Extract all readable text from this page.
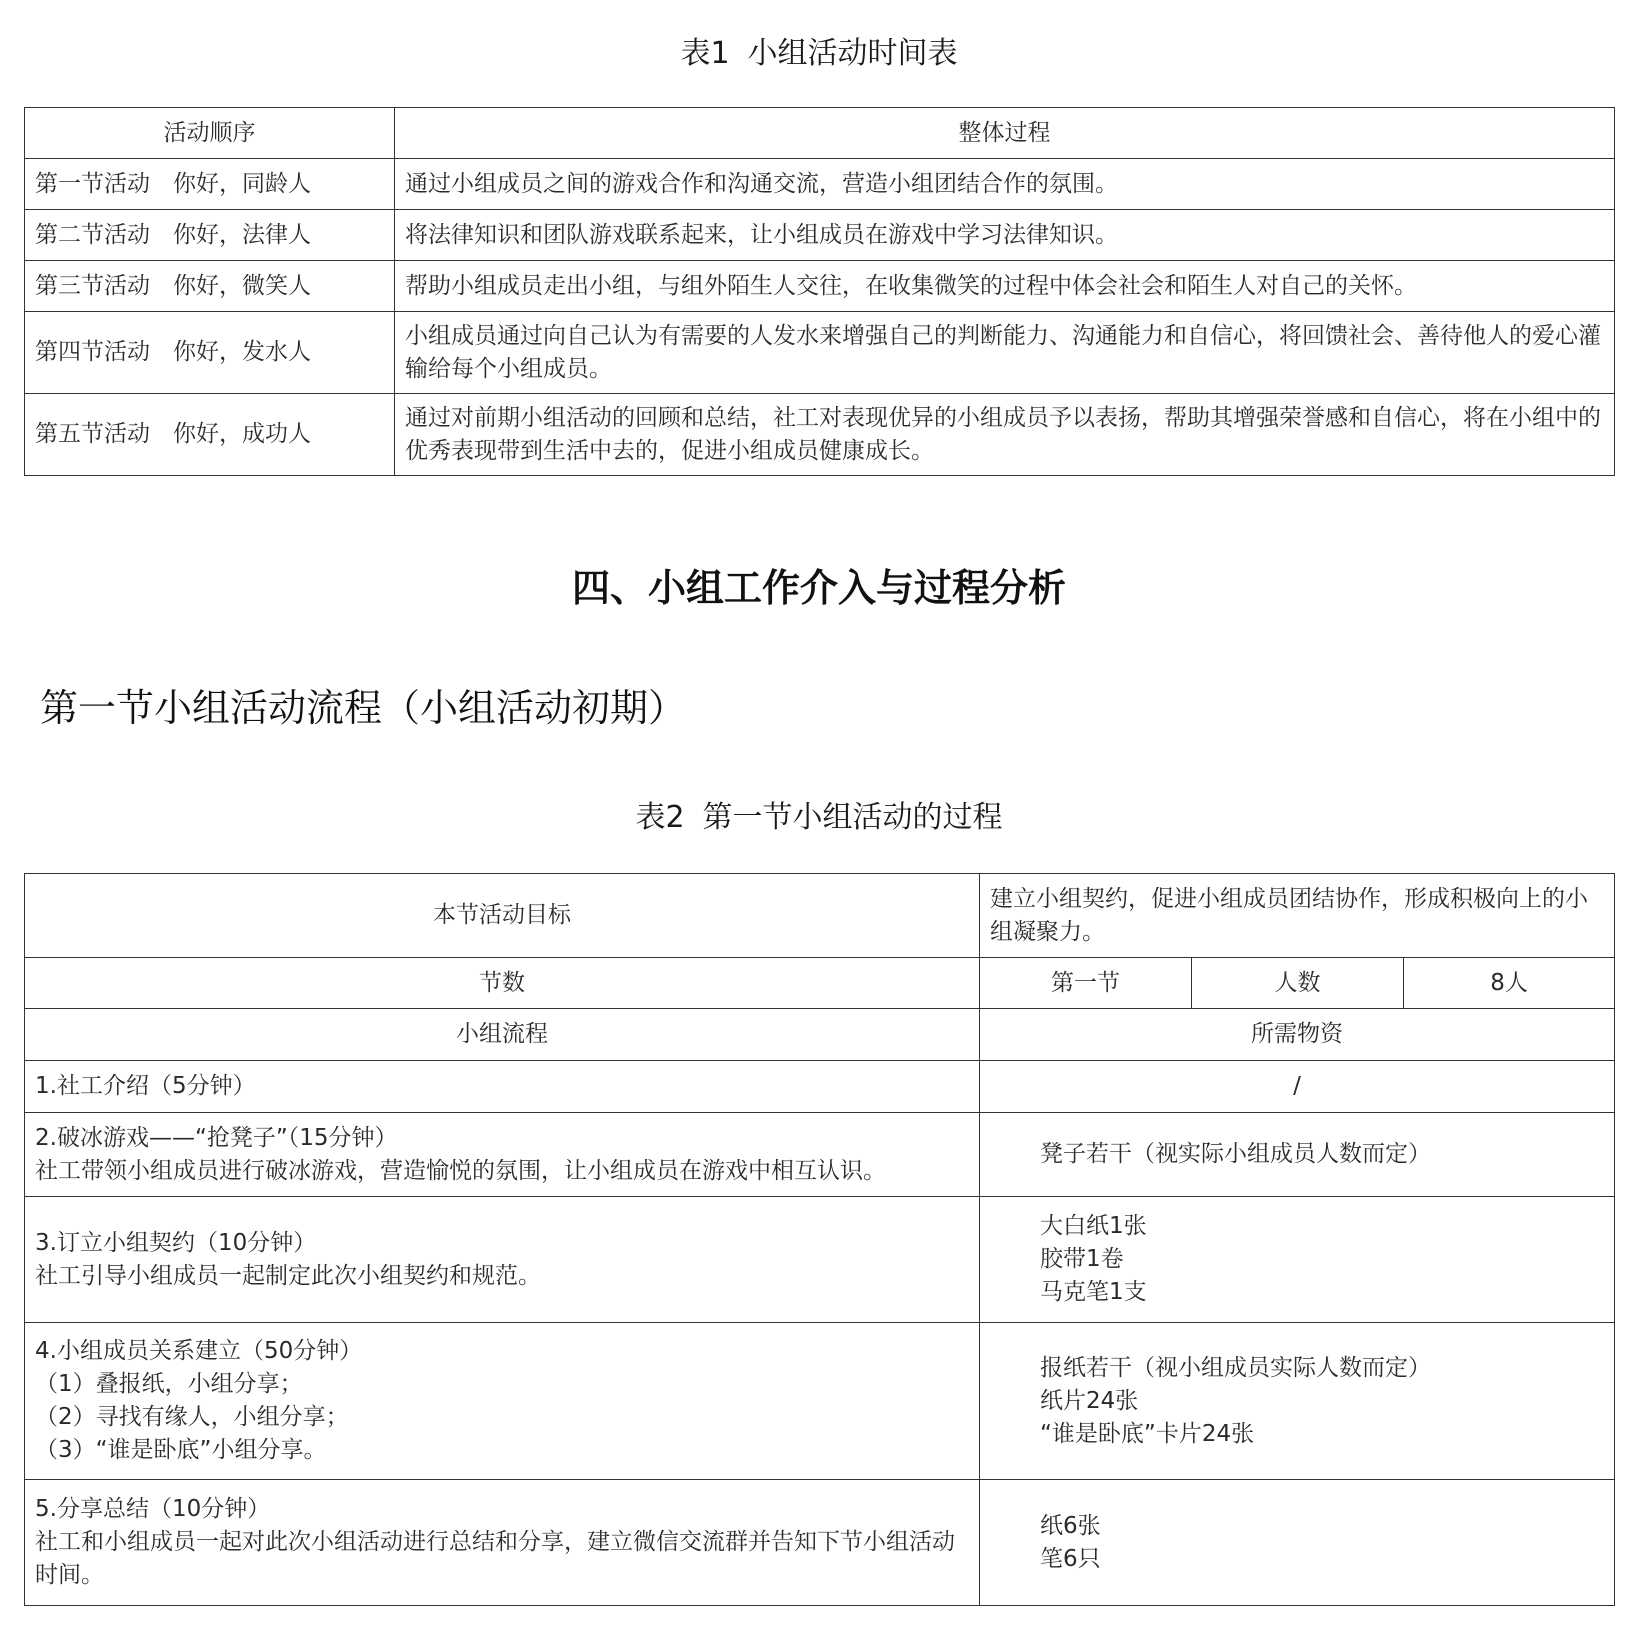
表1 小组活动时间表
活动顺序	整体过程
第一节活动　你好，同龄人	通过小组成员之间的游戏合作和沟通交流，营造小组团结合作的氛围。
第二节活动　你好，法律人	将法律知识和团队游戏联系起来，让小组成员在游戏中学习法律知识。
第三节活动　你好，微笑人	帮助小组成员走出小组，与组外陌生人交往，在收集微笑的过程中体会社会和陌生人对自己的关怀。
第四节活动　你好，发水人	小组成员通过向自己认为有需要的人发水来增强自己的判断能力、沟通能力和自信心，将回馈社会、善待他人的爱心灌输给每个小组成员。
第五节活动　你好，成功人	通过对前期小组活动的回顾和总结，社工对表现优异的小组成员予以表扬，帮助其增强荣誉感和自信心，将在小组中的优秀表现带到生活中去的，促进小组成员健康成长。
四、小组工作介入与过程分析
第一节小组活动流程（小组活动初期）
表2 第一节小组活动的过程
本节活动目标	建立小组契约，促进小组成员团结协作，形成积极向上的小组凝聚力。		
节数	第一节	人数	8人
小组流程	所需物资		
1.社工介绍（5分钟）	/		
2.破冰游戏——“抢凳子”（15分钟）
社工带领小组成员进行破冰游戏，营造愉悦的氛围，让小组成员在游戏中相互认识。	凳子若干（视实际小组成员人数而定）		
3.订立小组契约（10分钟）
社工引导小组成员一起制定此次小组契约和规范。	大白纸1张
胶带1卷
马克笔1支		
4.小组成员关系建立（50分钟）
（1）叠报纸，小组分享；
（2）寻找有缘人，小组分享；
（3）“谁是卧底”小组分享。	报纸若干（视小组成员实际人数而定）
纸片24张
“谁是卧底”卡片24张		
5.分享总结（10分钟）
社工和小组成员一起对此次小组活动进行总结和分享，建立微信交流群并告知下节小组活动时间。	纸6张
笔6只		
